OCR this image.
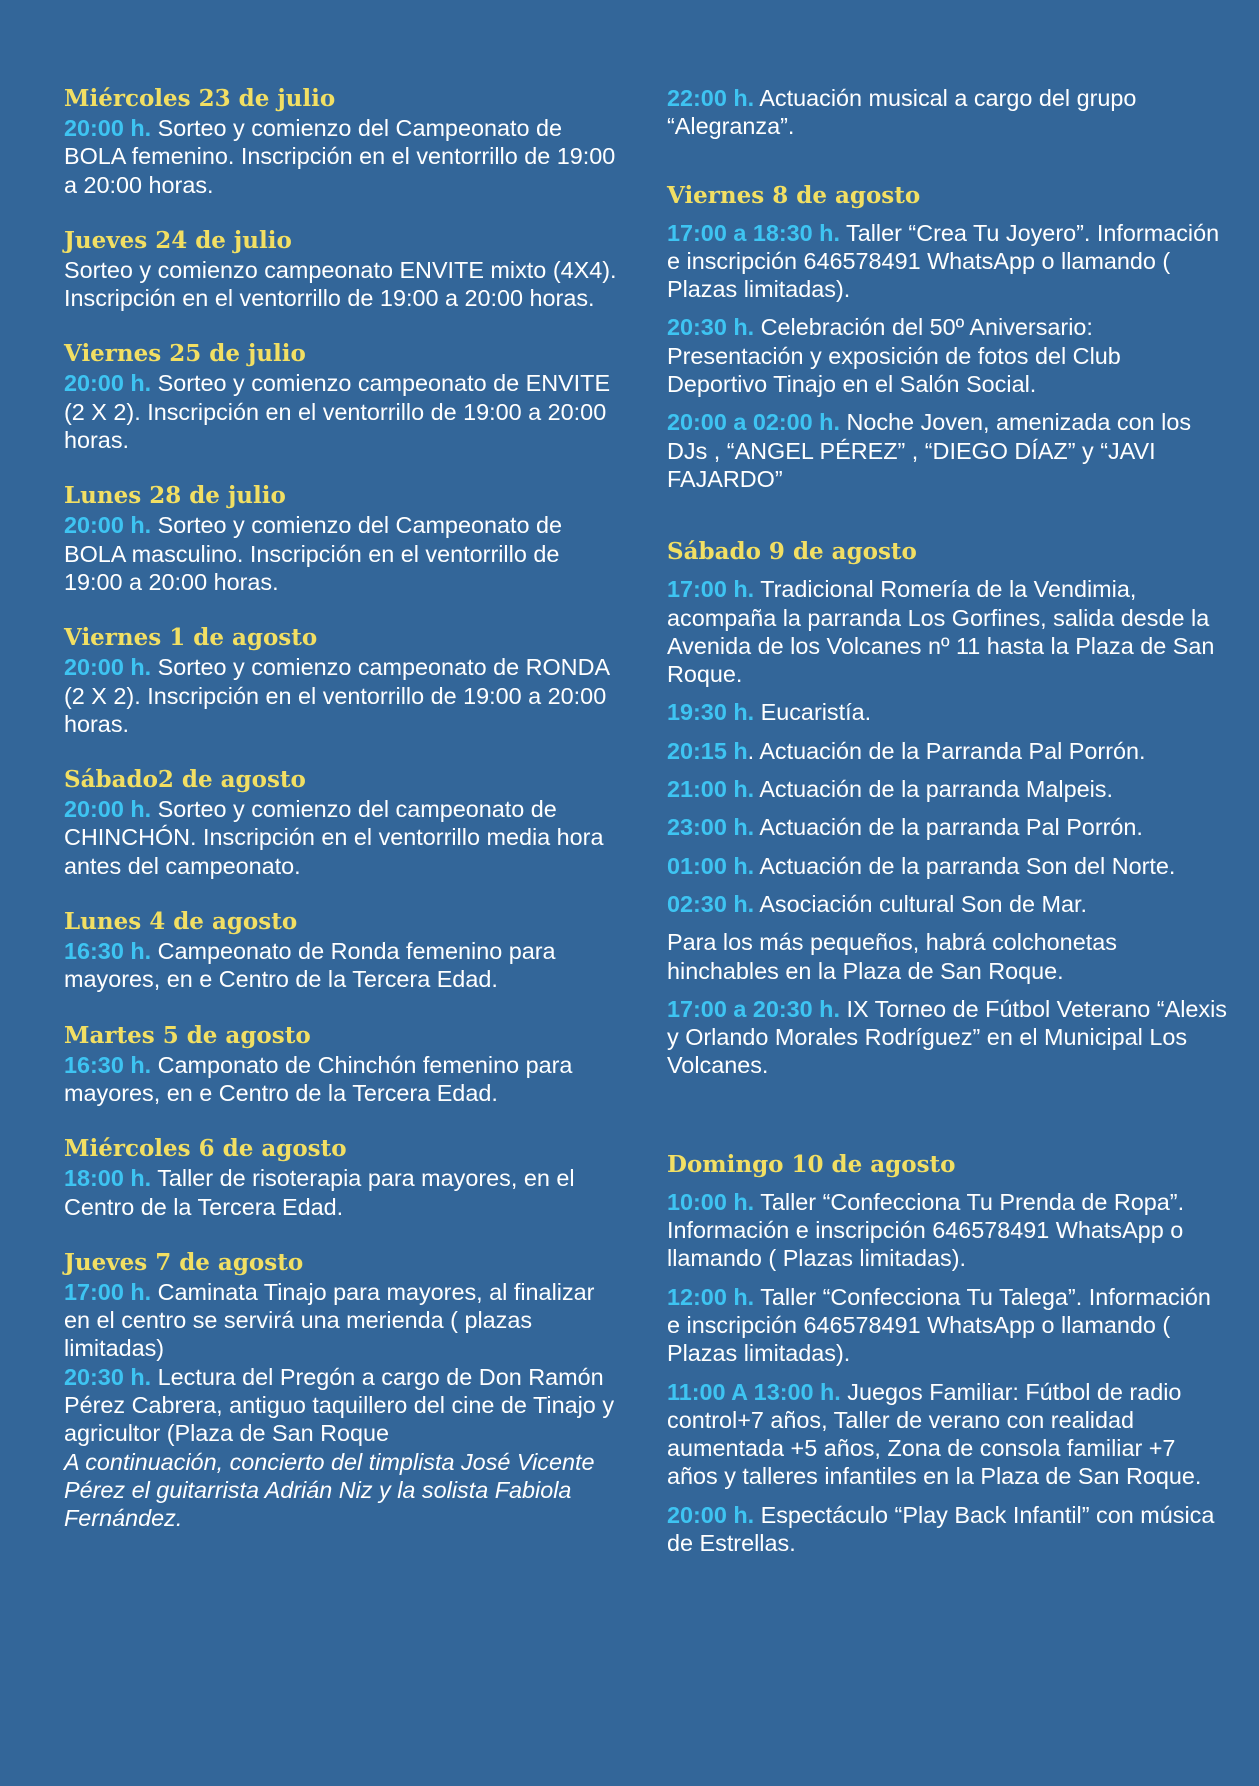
Miércoles 23 de julio

20:00 h. Sorteo y comienzo del Campeonato de BOLA femenino. Inscripción en el ventorrillo de 19:00 a 20:00 horas.

Jueves 24 de julio

Sorteo y comienzo campeonato ENVITE mixto (4X4). Inscripción en el ventorrillo de 19:00 a 20:00 horas.

Viernes 25 de julio

20:00 h. Sorteo y comienzo campeonato de ENVITE (2 X 2). Inscripción en el ventorrillo de 19:00 a 20:00 horas.

Lunes 28 de julio

20:00 h. Sorteo y comienzo del Campeonato de BOLA masculino. Inscripción en el ventorrillo de 19:00 a 20:00 horas.

Viernes 1 de agosto

20:00 h. Sorteo y comienzo campeonato de RONDA (2 X 2). Inscripción en el ventorrillo de 19:00 a 20:00 horas.

Sábado2 de agosto

20:00 h. Sorteo y comienzo del campeonato de CHINCHÓN. Inscripción en el ventorrillo media hora antes del campeonato.

Lunes 4 de agosto

16:30 h. Campeonato de Ronda femenino para mayores, en e Centro de la Tercera Edad.

Martes 5 de agosto

16:30 h. Camponato de Chinchón femenino para mayores, en e Centro de la Tercera Edad.

Miércoles 6 de agosto

18:00 h. Taller de risoterapia para mayores, en el Centro de la Tercera Edad.

Jueves 7 de agosto

17:00 h. Caminata Tinajo para mayores, al finalizar en el centro se servirá una merienda ( plazas limitadas)

20:30 h. Lectura del Pregón a cargo de Don Ramón Pérez Cabrera, antiguo taquillero del cine de Tinajo y agricultor (Plaza de San Roque

A continuación, concierto del timplista José Vicente Pérez el guitarrista Adrián Niz y la solista Fabiola Fernández.

22:00 h. Actuación musical a cargo del grupo “Alegranza”.

Viernes 8 de agosto

17:00 a 18:30 h. Taller “Crea Tu Joyero”. Información e inscripción 646578491 WhatsApp o llamando ( Plazas limitadas).

20:30 h. Celebración del 50º Aniversario: Presentación y exposición de fotos del Club Deportivo Tinajo en el Salón Social.

20:00 a 02:00 h. Noche Joven, amenizada con los DJs , “ANGEL PÉREZ” , “DIEGO DÍAZ” y “JAVI FAJARDO”

Sábado 9 de agosto

17:00 h. Tradicional Romería de la Vendimia, acompaña la parranda Los Gorfines, salida desde la Avenida de los Volcanes nº 11 hasta la Plaza de San Roque.

19:30 h. Eucaristía.

20:15 h. Actuación de la Parranda Pal Porrón.

21:00 h. Actuación de la parranda Malpeis.

23:00 h. Actuación de la parranda Pal Porrón.

01:00 h. Actuación de la parranda Son del Norte.

02:30 h. Asociación cultural Son de Mar.

Para los más pequeños, habrá colchonetas hinchables en la Plaza de San Roque.

17:00 a 20:30 h. IX Torneo de Fútbol Veterano “Alexis y Orlando Morales Rodríguez” en el Municipal Los Volcanes.

Domingo 10 de agosto

10:00 h. Taller “Confecciona Tu Prenda de Ropa”. Información e inscripción 646578491 WhatsApp o llamando ( Plazas limitadas).

12:00 h. Taller “Confecciona Tu Talega”. Información e inscripción 646578491 WhatsApp o llamando ( Plazas limitadas).

11:00 A 13:00 h. Juegos Familiar: Fútbol de radio control+7 años, Taller de verano con realidad aumentada +5 años, Zona de consola familiar +7 años y talleres infantiles en la Plaza de San Roque.

20:00 h. Espectáculo “Play Back Infantil” con música de Estrellas.
